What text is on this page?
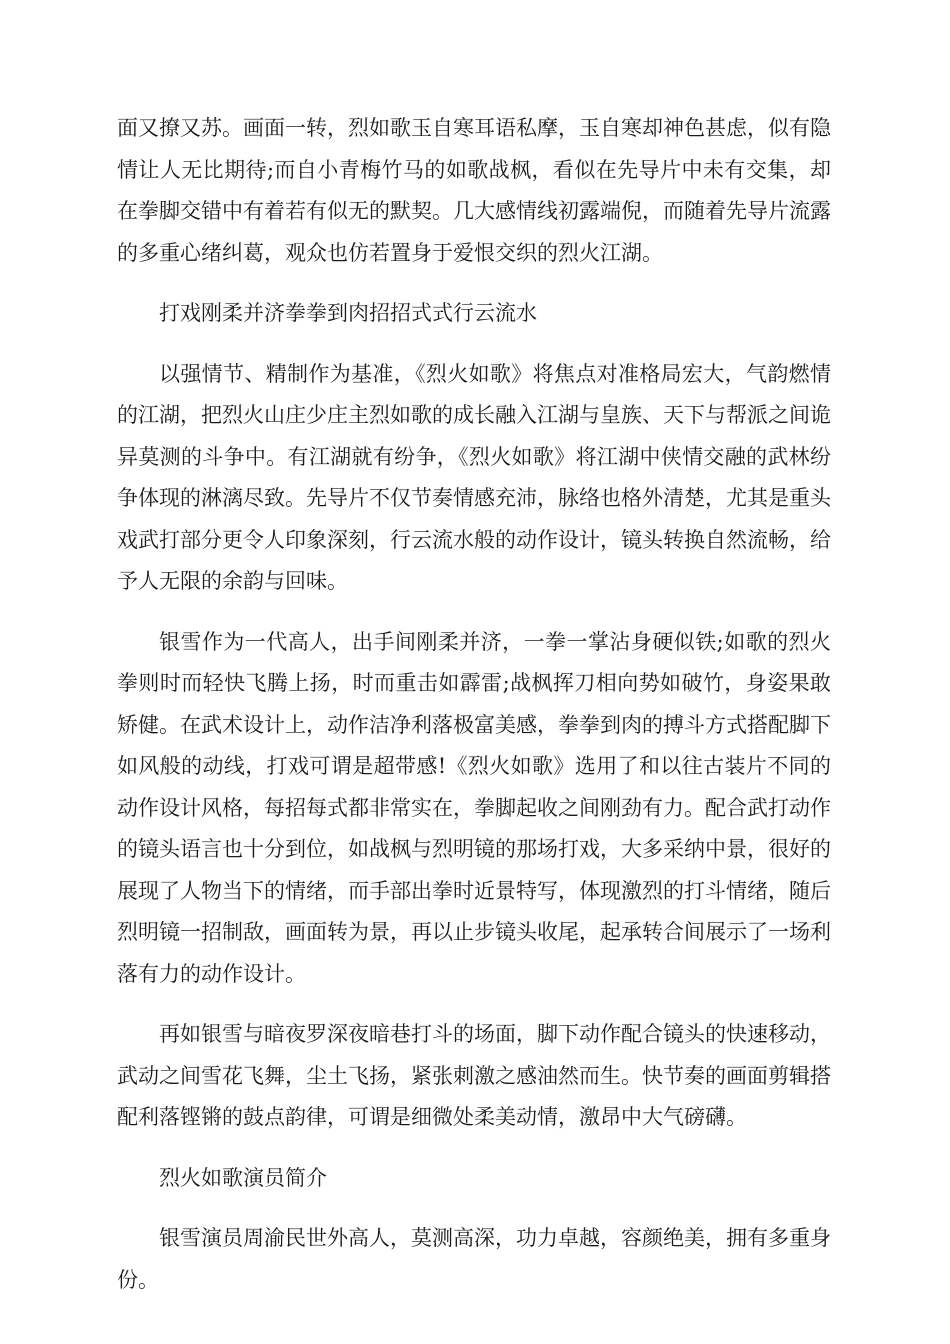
面又撩又苏。画面一转，烈如歌玉自寒耳语私摩，玉自寒却神色甚虑，似有隐情让人无比期待;而自小青梅竹马的如歌战枫，看似在先导片中未有交集，却在拳脚交错中有着若有似无的默契。几大感情线初露端倪，而随着先导片流露的多重心绪纠葛，观众也仿若置身于爱恨交织的烈火江湖。

打戏刚柔并济拳拳到肉招招式式行云流水

以强情节、精制作为基准，《烈火如歌》将焦点对准格局宏大，气韵燃情的江湖，把烈火山庄少庄主烈如歌的成长融入江湖与皇族、天下与帮派之间诡异莫测的斗争中。有江湖就有纷争，《烈火如歌》将江湖中侠情交融的武林纷争体现的淋漓尽致。先导片不仅节奏情感充沛，脉络也格外清楚，尤其是重头戏武打部分更令人印象深刻，行云流水般的动作设计，镜头转换自然流畅，给予人无限的余韵与回味。

银雪作为一代高人，出手间刚柔并济，一拳一掌沾身硬似铁;如歌的烈火拳则时而轻快飞腾上扬，时而重击如霹雷;战枫挥刀相向势如破竹，身姿果敢矫健。在武术设计上，动作洁净利落极富美感，拳拳到肉的搏斗方式搭配脚下如风般的动线，打戏可谓是超带感!《烈火如歌》选用了和以往古装片不同的动作设计风格，每招每式都非常实在，拳脚起收之间刚劲有力。配合武打动作的镜头语言也十分到位，如战枫与烈明镜的那场打戏，大多采纳中景，很好的展现了人物当下的情绪，而手部出拳时近景特写，体现激烈的打斗情绪，随后烈明镜一招制敌，画面转为景，再以止步镜头收尾，起承转合间展示了一场利落有力的动作设计。

再如银雪与暗夜罗深夜暗巷打斗的场面，脚下动作配合镜头的快速移动，武动之间雪花飞舞，尘土飞扬，紧张刺激之感油然而生。快节奏的画面剪辑搭配利落铿锵的鼓点韵律，可谓是细微处柔美动情，激昂中大气磅礴。

烈火如歌演员简介

银雪演员周渝民世外高人，莫测高深，功力卓越，容颜绝美，拥有多重身份。
